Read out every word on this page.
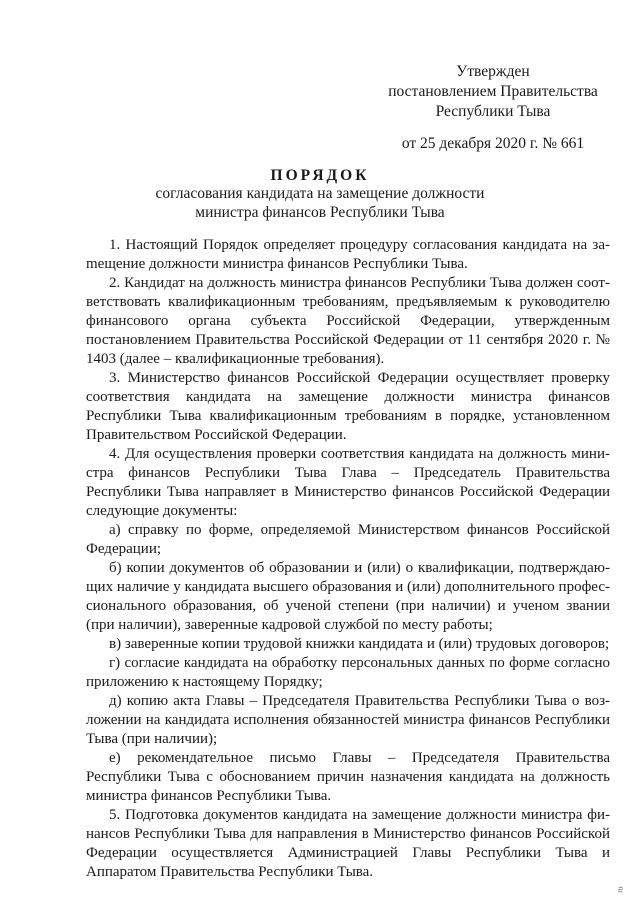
Утвержден
постановлением Правительства
Республики Тыва
от 25 декабря 2020 г. № 661
ПОРЯДОК
согласования кандидата на замещение должности
министра финансов Республики Тыва

1. Настоящий Порядок определяет процедуру согласования кандидата на заmещение должности министра финансов Республики Тыва.

2. Кандидат на должность министра финансов Республики Тыва должен соответствовать квалификационным требованиям, предъявляемым к руководителю финансового органа субъекта Российской Федерации, утвержденным постановлением Правительства Российской Федерации от 11 сентября 2020 г. № 1403 (далее – квалификационные требования).

3. Министерство финансов Российской Федерации осуществляет проверку соответствия кандидата на замещение должности министра финансов Республики Тыва квалификационным требованиям в порядке, установленном Правительством Российской Федерации.

4. Для осуществления проверки соответствия кандидата на должность министра финансов Республики Тыва Глава – Председатель Правительства Республики Тыва направляет в Министерство финансов Российской Федерации следующие документы:

а) справку по форме, определяемой Министерством финансов Российской Федерации;

б) копии документов об образовании и (или) о квалификации, подтверждающих наличие у кандидата высшего образования и (или) дополнительного профессионального образования, об ученой степени (при наличии) и ученом звании (при наличии), заверенные кадровой службой по месту работы;

в) заверенные копии трудовой книжки кандидата и (или) трудовых договоров;

г) согласие кандидата на обработку персональных данных по форме согласно приложению к настоящему Порядку;

д) копию акта Главы – Председателя Правительства Республики Тыва о возложении на кандидата исполнения обязанностей министра финансов Республики Тыва (при наличии);

е) рекомендательное письмо Главы – Председателя Правительства Республики Тыва с обоснованием причин назначения кандидата на должность министра финансов Республики Тыва.

5. Подготовка документов кандидата на замещение должности министра финансов Республики Тыва для направления в Министерство финансов Российской Федерации осуществляется Администрацией Главы Республики Тыва и Аппаратом Правительства Республики Тыва.

ru
